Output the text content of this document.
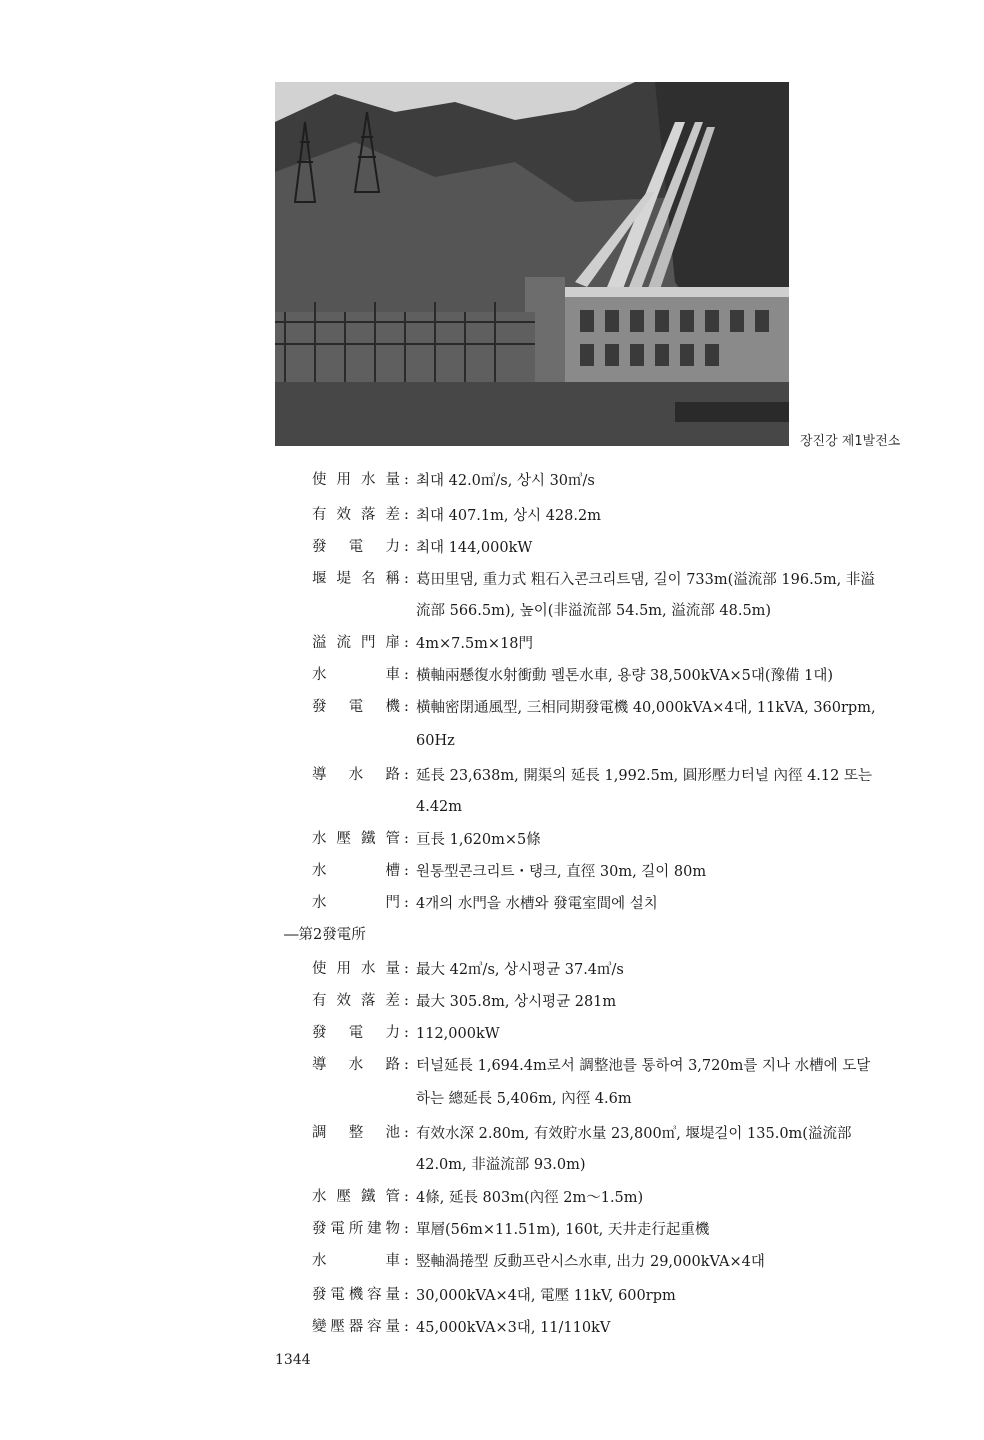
장진강 제1발전소
使 用 水 量 : 최대 42.0㎥/s, 상시 30㎥/s
有 效 落 差 : 최대 407.1m, 상시 428.2m
發 電 力 : 최대 144,000kW
堰 堤 名 稱 : 葛田里댐, 重力式 粗石入콘크리트댐, 길이 733m(溢流部 196.5m, 非溢
流部 566.5m), 높이(非溢流部 54.5m, 溢流部 48.5m)
溢 流 門 扉 : 4m×7.5m×18門
水	車 : 橫軸兩懸復水射衝動 펠톤水車, 용량 38,500kVA×5대(豫備 1대)
發 電 機 : 橫軸密閉通風型, 三相同期發電機 40,000kVA×4대, 11kVA, 360rpm,
60Hz
導 水 路 : 延長 23,638m, 開渠의 延長 1,992.5m, 圓形壓力터널 內徑 4.12 또는
4.42m
水 壓 鐵 管 : 亘長 1,620m×5條
水	槽 : 원통型콘크리트・탱크, 直徑 30m, 길이 80m
水	門 : 4개의 水門을 水槽와 發電室間에 설치
―第2發電所
使 用 水 量 : 最大 42㎥/s, 상시평균 37.4㎥/s
有 效 落 差 : 最大 305.8m, 상시평균 281m
發 電 力 : 112,000kW
導 水 路 : 터널延長 1,694.4m로서 調整池를 통하여 3,720m를 지나 水槽에 도달
하는 總延長 5,406m, 內徑 4.6m
調 整 池 : 有效水深 2.80m, 有效貯水量 23,800㎥, 堰堤길이 135.0m(溢流部
42.0m, 非溢流部 93.0m)
水 壓 鐵 管 : 4條, 延長 803m(內徑 2m～1.5m)
發 電 所 建 物 : 單層(56m×11.51m), 160t, 天井走行起重機
水	車 : 竪軸渦捲型 反動프란시스水車, 出力 29,000kVA×4대
發 電 機 容 量 : 30,000kVA×4대, 電壓 11kV, 600rpm
變 壓 器 容 量 : 45,000kVA×3대, 11/110kV
1344
